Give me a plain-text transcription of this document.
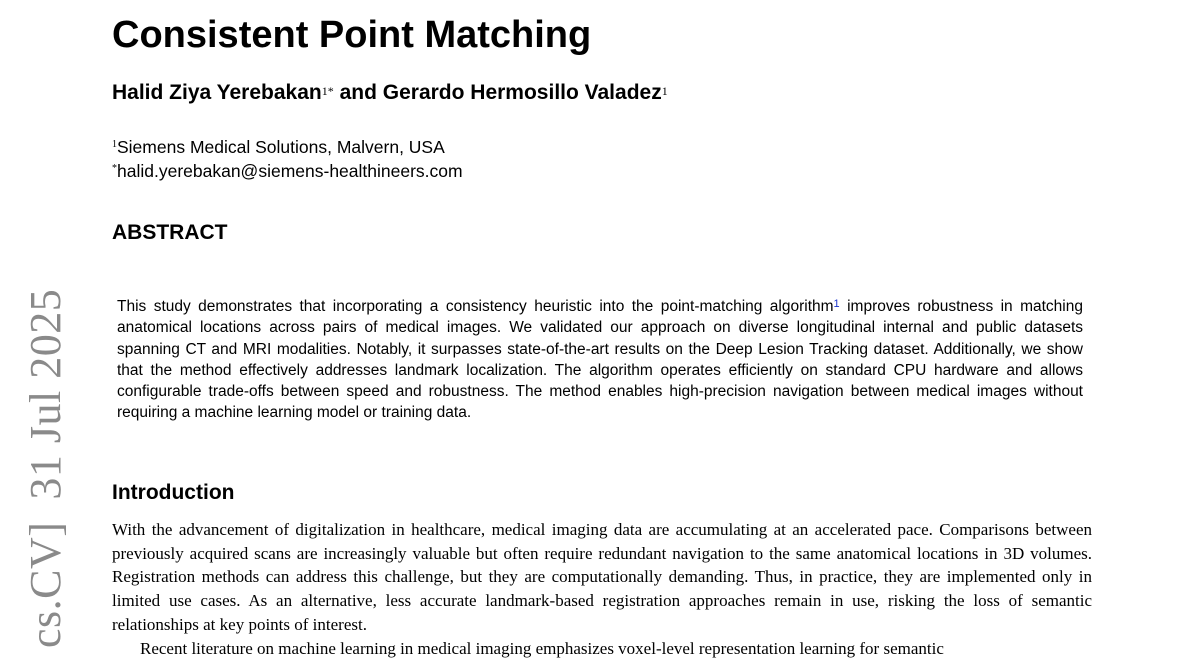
cs.CV]31 Jul 2025
Consistent Point Matching
Halid Ziya Yerebakan$^{1*}$ and Gerardo Hermosillo Valadez$^1$
$^1$Siemens Medical Solutions, Malvern, USA
*halid.yerebakan@siemens-healthineers.com
ABSTRACT

This study demonstrates that incorporating a consistency heuristic into the point-matching algorithm$^1$ improves robustness in matching anatomical locations across pairs of medical images. We validated our approach on diverse longitudinal internal and public datasets spanning CT and MRI modalities. Notably, it surpasses state-of-the-art results on the Deep Lesion Tracking dataset. Additionally, we show that the method effectively addresses landmark localization. The algorithm operates efficiently on standard CPU hardware and allows configurable trade-offs between speed and robustness. The method enables high-precision navigation between medical images without requiring a machine learning model or training data.

Introduction

With the advancement of digitalization in healthcare, medical imaging data are accumulating at an accelerated pace. Comparisons between previously acquired scans are increasingly valuable but often require redundant navigation to the same anatomical locations in 3D volumes. Registration methods can address this challenge, but they are computationally demanding. Thus, in practice, they are implemented only in limited use cases. As an alternative, less accurate landmark-based registration approaches remain in use, risking the loss of semantic relationships at key points of interest.

Recent literature on machine learning in medical imaging emphasizes voxel-level representation learning for semantic
